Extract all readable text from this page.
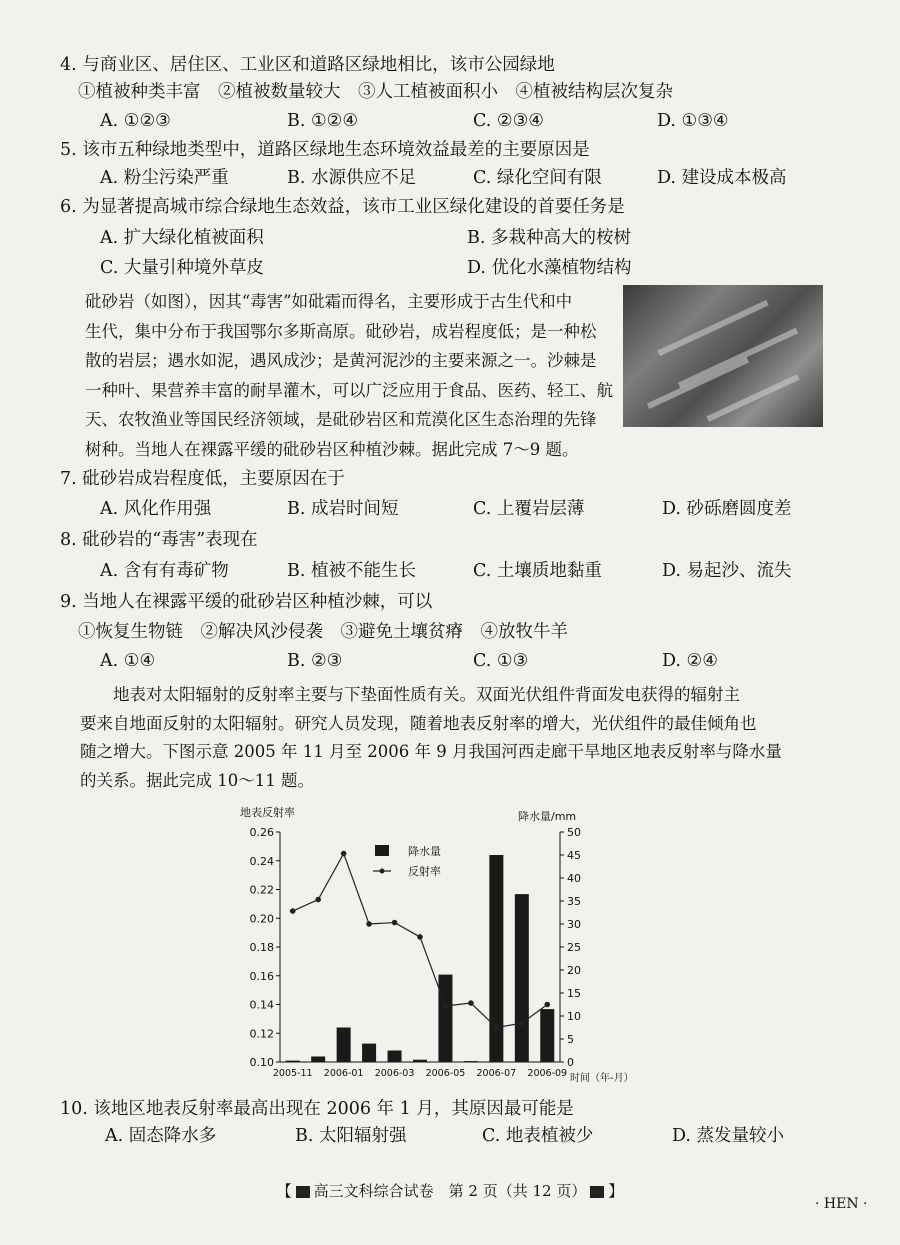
4. 与商业区、居住区、工业区和道路区绿地相比，该市公园绿地
①植被种类丰富　②植被数量较大　③人工植被面积小　④植被结构层次复杂
A. ①②③	B. ①②④	C. ②③④	D. ①③④
5. 该市五种绿地类型中，道路区绿地生态环境效益最差的主要原因是
A. 粉尘污染严重	B. 水源供应不足	C. 绿化空间有限	D. 建设成本极高
6. 为显著提高城市综合绿地生态效益，该市工业区绿化建设的首要任务是
A. 扩大绿化植被面积	B. 多栽种高大的桉树
C. 大量引种境外草皮	D. 优化水藻植物结构
砒砂岩（如图），因其“毒害”如砒霜而得名，主要形成于古生代和中
生代，集中分布于我国鄂尔多斯高原。砒砂岩，成岩程度低；是一种松
散的岩层；遇水如泥，遇风成沙；是黄河泥沙的主要来源之一。沙棘是
一种叶、果营养丰富的耐旱灌木，可以广泛应用于食品、医药、轻工、航
天、农牧渔业等国民经济领域，是砒砂岩区和荒漠化区生态治理的先锋
树种。当地人在裸露平缓的砒砂岩区种植沙棘。据此完成 7～9 题。
7. 砒砂岩成岩程度低，主要原因在于
A. 风化作用强	B. 成岩时间短	C. 上覆岩层薄	D. 砂砾磨圆度差
8. 砒砂岩的“毒害”表现在
A. 含有有毒矿物	B. 植被不能生长	C. 土壤质地黏重	D. 易起沙、流失
9. 当地人在裸露平缓的砒砂岩区种植沙棘，可以
①恢复生物链　②解决风沙侵袭　③避免土壤贫瘠　④放牧牛羊
A. ①④	B. ②③	C. ①③	D. ②④
　　地表对太阳辐射的反射率主要与下垫面性质有关。双面光伏组件背面发电获得的辐射主
要来自地面反射的太阳辐射。研究人员发现，随着地表反射率的增大，光伏组件的最佳倾角也
随之增大。下图示意 2005 年 11 月至 2006 年 9 月我国河西走廊干旱地区地表反射率与降水量
的关系。据此完成 10～11 题。
地表反射率	降水量/mm
时间（年-月）
降水量
反射率
0.10
0.12
0.14
0.16
0.18
0.20
0.22
0.24
0.26
0
5
10
15
20
25
30
35
40
45
50
2005-11 2006-01 2006-03 2006-05 2006-07 2006-09
10. 该地区地表反射率最高出现在 2006 年 1 月，其原因最可能是
A. 固态降水多	B. 太阳辐射强	C. 地表植被少	D. 蒸发量较小
【 高三文科综合试卷　第 2 页（共 12 页） 】
· HEN ·
